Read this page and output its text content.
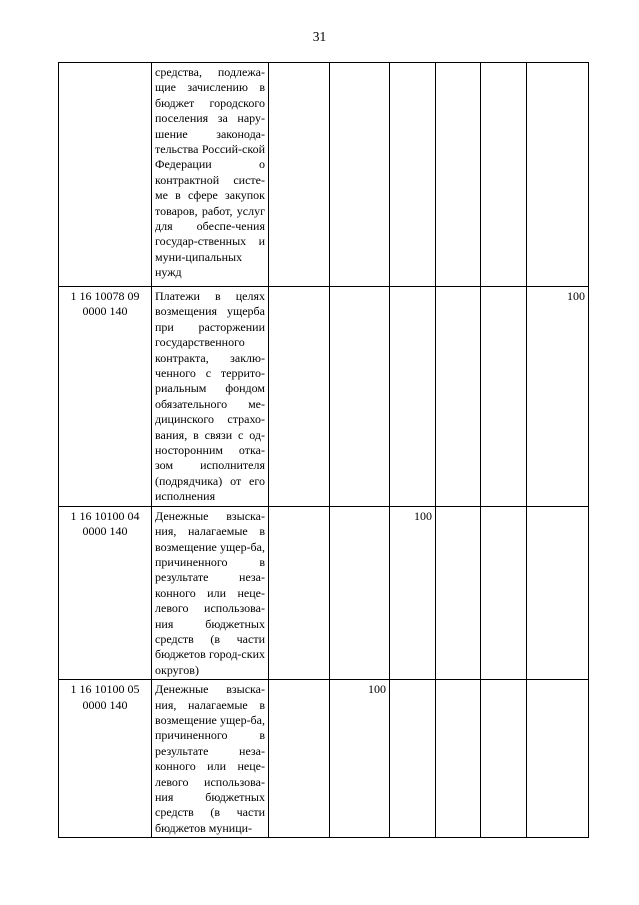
31
	средства, подлежа-щие зачислению в бюджет городского поселения за нару-шение законода-тельства Россий-ской Федерации о контрактной систе-ме в сфере закупок товаров, работ, услуг для обеспе-чения государ-ственных и муни-ципальных нужд						
1 16 10078 09 0000 140	Платежи в целях возмещения ущерба при расторжении государственного контракта, заклю-ченного с террито-риальным фондом обязательного ме-дицинского страхо-вания, в связи с од-носторонним отка-зом исполнителя (подрядчика) от его исполнения						100
1 16 10100 04 0000 140	Денежные взыска-ния, налагаемые в возмещение ущер-ба, причиненного в результате неза-конного или неце-левого использова-ния бюджетных средств (в части бюджетов город-ских округов)			100			
1 16 10100 05 0000 140	Денежные взыска-ния, налагаемые в возмещение ущер-ба, причиненного в результате неза-конного или неце-левого использова-ния бюджетных средств (в части бюджетов муници-		100				
